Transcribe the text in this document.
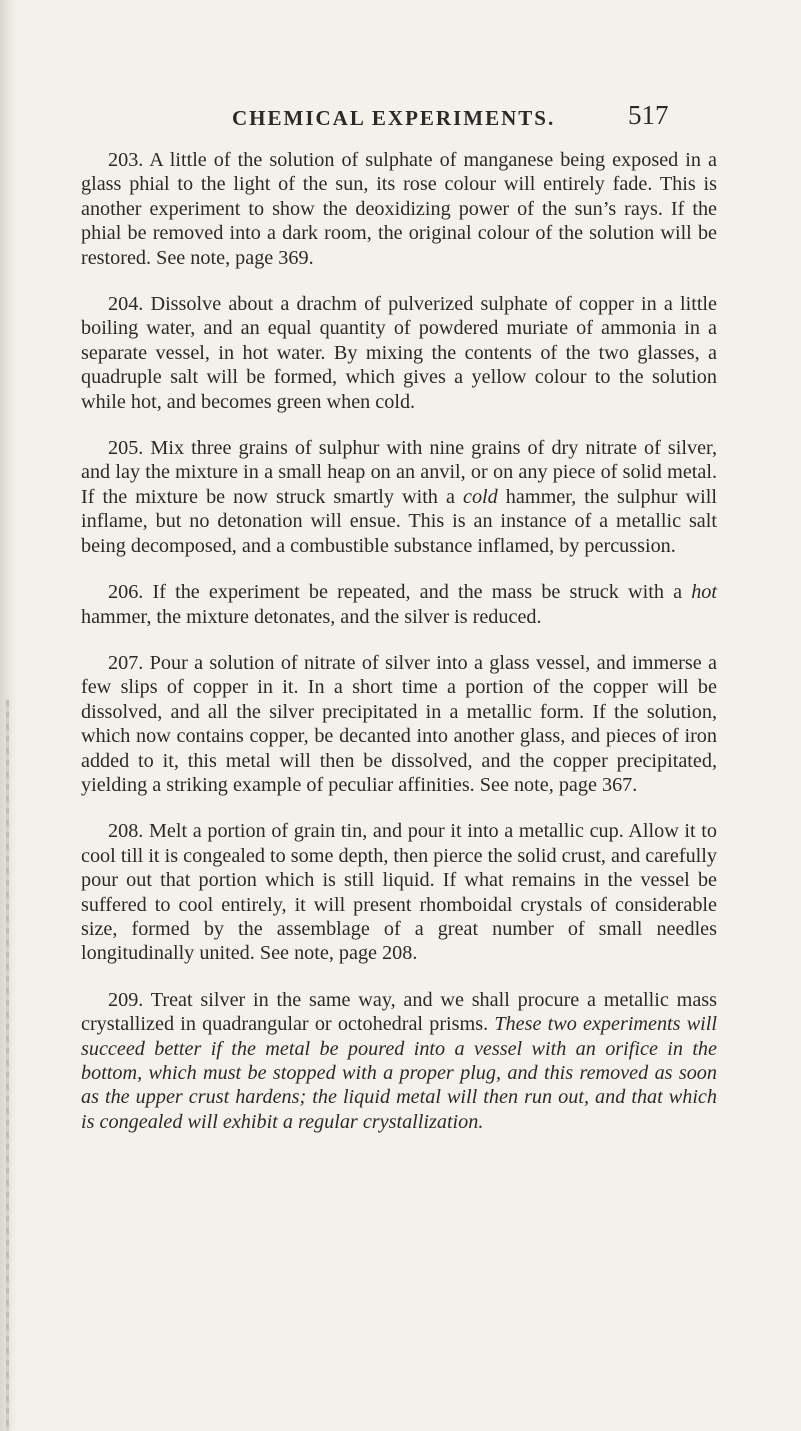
CHEMICAL EXPERIMENTS.	517

203. A little of the solution of sulphate of manganese being exposed in a glass phial to the light of the sun, its rose colour will entirely fade. This is another experiment to show the deoxidizing power of the sun’s rays. If the phial be removed into a dark room, the original colour of the solution will be restored. See note, page 369.

204. Dissolve about a drachm of pulverized sulphate of copper in a little boiling water, and an equal quantity of powdered muriate of ammonia in a separate vessel, in hot water. By mixing the contents of the two glasses, a quadruple salt will be formed, which gives a yellow colour to the solution while hot, and becomes green when cold.

205. Mix three grains of sulphur with nine grains of dry nitrate of silver, and lay the mixture in a small heap on an anvil, or on any piece of solid metal. If the mixture be now struck smartly with a cold hammer, the sulphur will inflame, but no detonation will ensue. This is an instance of a metallic salt being decomposed, and a combustible substance inflamed, by percussion.

206. If the experiment be repeated, and the mass be struck with a hot hammer, the mixture detonates, and the silver is reduced.

207. Pour a solution of nitrate of silver into a glass vessel, and immerse a few slips of copper in it. In a short time a portion of the copper will be dissolved, and all the silver precipitated in a metallic form. If the solution, which now contains copper, be decanted into another glass, and pieces of iron added to it, this metal will then be dissolved, and the copper precipitated, yielding a striking example of peculiar affinities. See note, page 367.

208. Melt a portion of grain tin, and pour it into a metallic cup. Allow it to cool till it is congealed to some depth, then pierce the solid crust, and carefully pour out that portion which is still liquid. If what remains in the vessel be suffered to cool entirely, it will present rhomboidal crystals of considerable size, formed by the assemblage of a great number of small needles longitudinally united. See note, page 208.

209. Treat silver in the same way, and we shall procure a metallic mass crystallized in quadrangular or octohedral prisms. These two experiments will succeed better if the metal be poured into a vessel with an orifice in the bottom, which must be stopped with a proper plug, and this removed as soon as the upper crust hardens; the liquid metal will then run out, and that which is congealed will exhibit a regular crystallization.
